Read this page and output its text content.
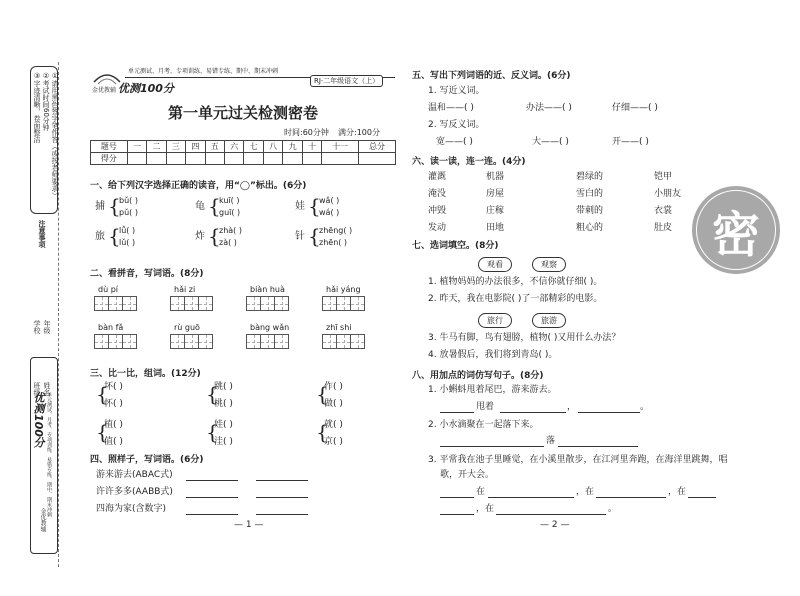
注意事项
①请用黑色签字笔作答（或按老师要求）
②考试时间60分钟
③字迹清晰，卷面整洁
学校 年级
班级 姓名
优测100分 单元测试、月考、专项训练、易错专练、期中、期末冲刺
金优教辅
金优教辅 优测100分
单元测试、月考、专项训练、易错专练、期中、期末冲刺
RJ·二年级语文（上）
第一单元过关检测密卷
时间:60分钟 满分:100分
题号	一	二	三	四	五	六	七	八	九	十	十一	总分
得分												
一、给下列汉字选择正确的读音，用“◯”标出。(6分)
捕 {
bǔ( )
pǔ( )
龟 {
kuī( )
guī( )
娃 {
wǎ( )
wá( )
旅 {
lǚ( )
lǔ( )
炸 {
zhà( )
zà( )
针 {
zhēng( )
zhēn( )
二、看拼音，写词语。(8分)
dù pí	hǎi zi	biàn huà	hǎi yáng
bàn fǎ	rù guō	bàng wǎn	zhī shi
三、比一比，组词。(12分)
{
坏( )
怀( )	{
跳( )
桃( )	{
作( )
做( )
{
植( )
值( )	{
娃( )
洼( )	{
就( )
京( )
四、照样子，写词语。(6分)
游来游去(ABAC式)
许许多多(AABB式)
四海为家(含数字)
— 1 —
五、写出下列词语的近、反义词。(6分)
1. 写近义词。
温和——( )	办法——( )	仔细——( )
2. 写反义词。
宽——( )	大——( )	开——( )
六、读一读，连一连。(4分)
灌溉
淹没
冲毁
发动
机器
房屋
庄稼
田地
碧绿的
雪白的
带刺的
粗心的
铠甲
小朋友
衣裳
肚皮
七、选词填空。(8分)
观看	观察
1. 植物妈妈的办法很多，不信你就仔细( )。
2. 昨天，我在电影院( )了一部精彩的电影。
旅行	旅游
3. 牛马有脚，鸟有翅膀，植物( )又用什么办法？
4. 放暑假后，我们将到青岛( )。
八、用加点的词仿写句子。(8分)
1. 小蝌蚪甩着尾巴，游来游去。
甩着	，	。
2. 小水滴聚在一起落下来。
落
3. 平常我在池子里睡觉，在小溪里散步，在江河里奔跑，在海洋里跳舞，唱
歌，开大会。
在	，在	，在
，在	。
— 2 —
密
